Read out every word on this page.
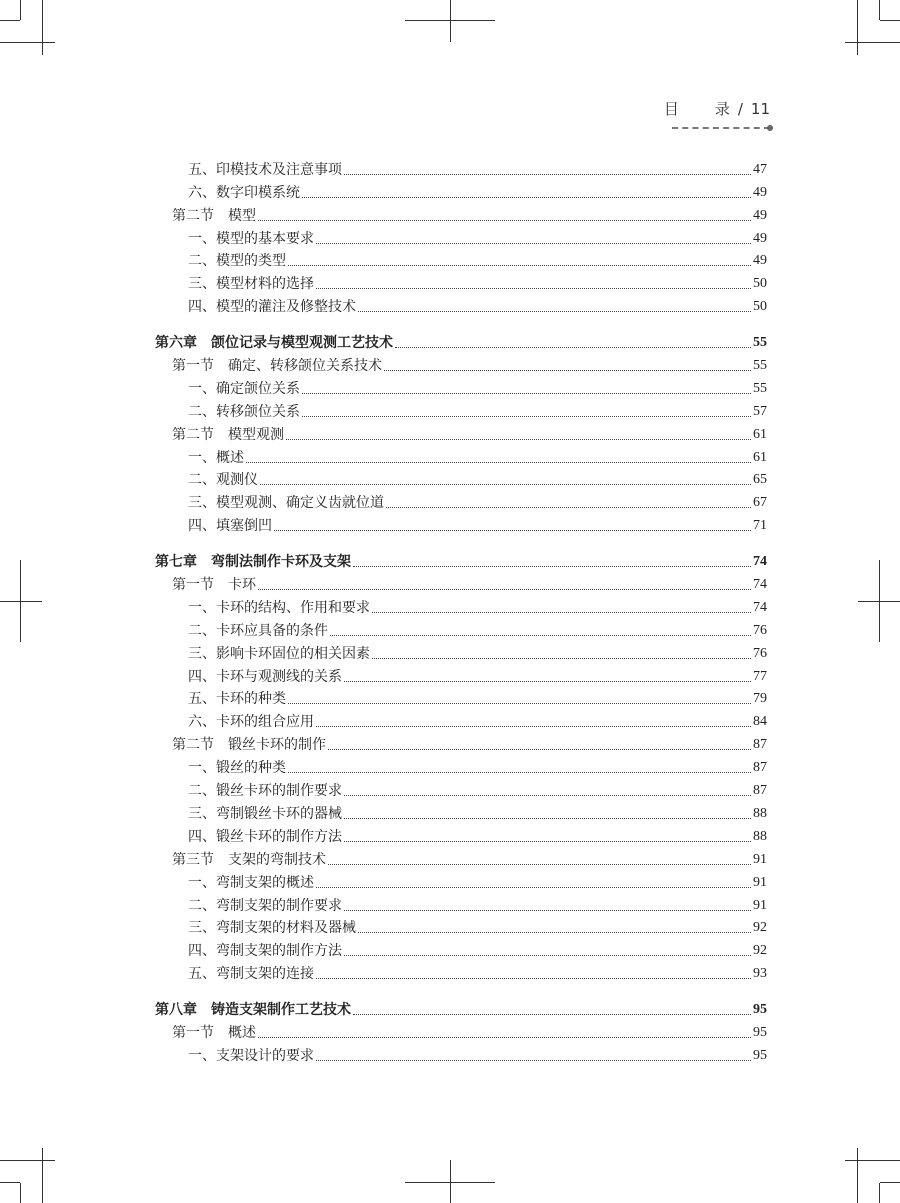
目 录 / 11
五、印模技术及注意事项	47
六、数字印模系统	49
第二节　模型	49
一、模型的基本要求	49
二、模型的类型	49
三、模型材料的选择	50
四、模型的灌注及修整技术	50
第六章　颌位记录与模型观测工艺技术	55
第一节　确定、转移颌位关系技术	55
一、确定颌位关系	55
二、转移颌位关系	57
第二节　模型观测	61
一、概述	61
二、观测仪	65
三、模型观测、确定义齿就位道	67
四、填塞倒凹	71
第七章　弯制法制作卡环及支架	74
第一节　卡环	74
一、卡环的结构、作用和要求	74
二、卡环应具备的条件	76
三、影响卡环固位的相关因素	76
四、卡环与观测线的关系	77
五、卡环的种类	79
六、卡环的组合应用	84
第二节　锻丝卡环的制作	87
一、锻丝的种类	87
二、锻丝卡环的制作要求	87
三、弯制锻丝卡环的器械	88
四、锻丝卡环的制作方法	88
第三节　支架的弯制技术	91
一、弯制支架的概述	91
二、弯制支架的制作要求	91
三、弯制支架的材料及器械	92
四、弯制支架的制作方法	92
五、弯制支架的连接	93
第八章　铸造支架制作工艺技术	95
第一节　概述	95
一、支架设计的要求	95
